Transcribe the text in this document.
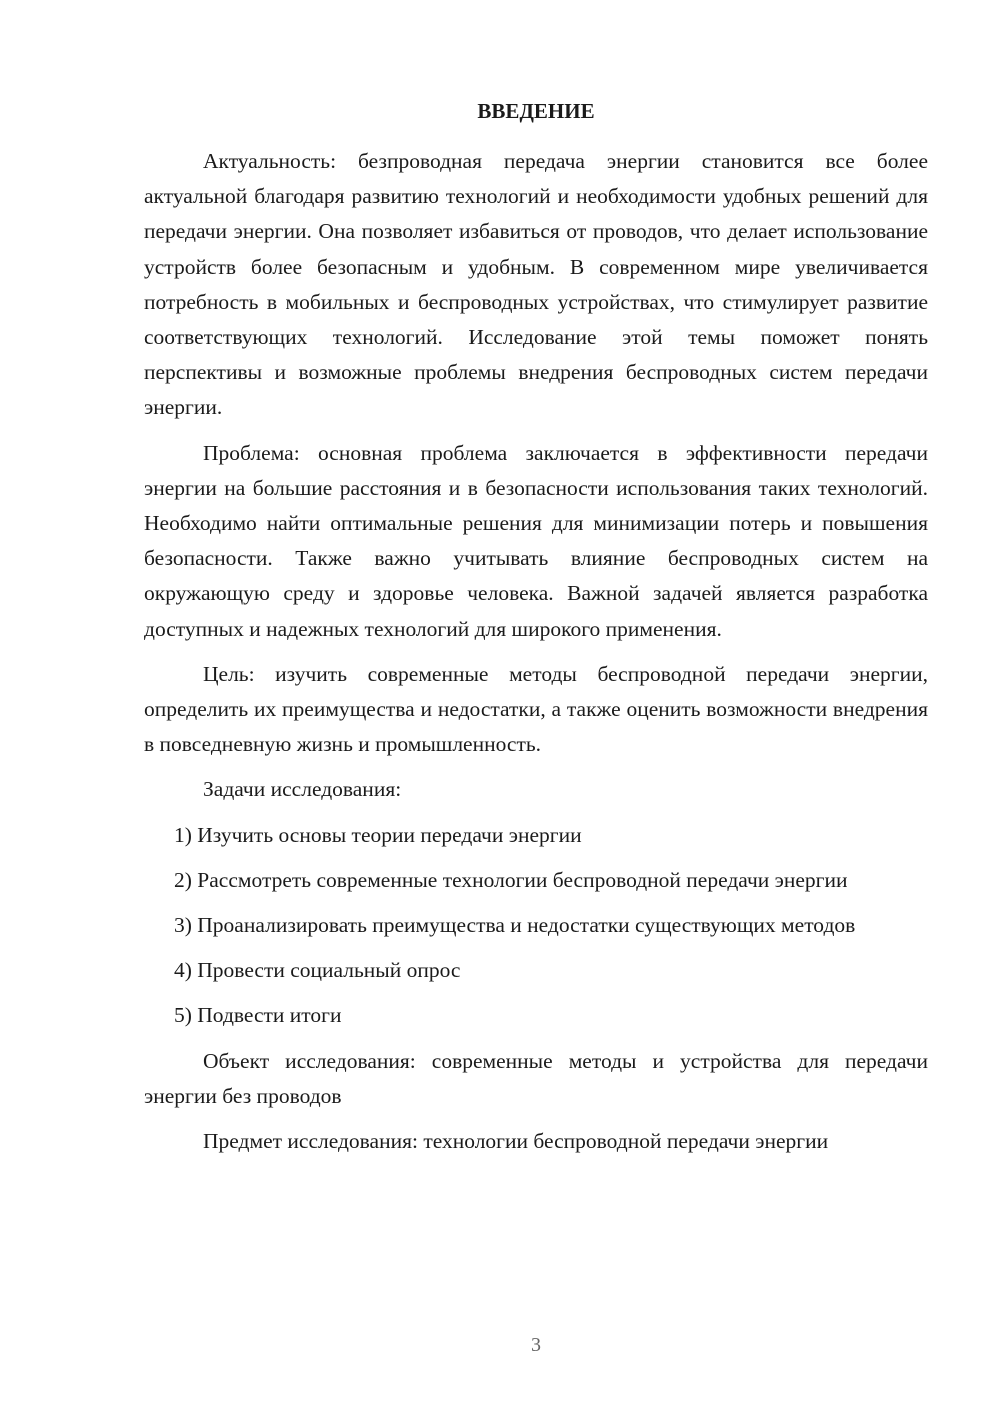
ВВЕДЕНИЕ

Актуальность: безпроводная передача энергии становится все более актуальной благодаря развитию технологий и необходимости удобных решений для передачи энергии. Она позволяет избавиться от проводов, что делает использование устройств более безопасным и удобным. В современном мире увеличивается потребность в мобильных и беспроводных устройствах, что стимулирует развитие соответствующих технологий. Исследование этой темы поможет понять перспективы и возможные проблемы внедрения беспроводных систем передачи энергии.

Проблема: основная проблема заключается в эффективности передачи энергии на большие расстояния и в безопасности использования таких технологий. Необходимо найти оптимальные решения для минимизации потерь и повышения безопасности. Также важно учитывать влияние беспроводных систем на окружающую среду и здоровье человека. Важной задачей является разработка доступных и надежных технологий для широкого применения.

Цель: изучить современные методы беспроводной передачи энергии, определить их преимущества и недостатки, а также оценить возможности внедрения в повседневную жизнь и промышленность.

Задачи исследования:

1) Изучить основы теории передачи энергии

2) Рассмотреть современные технологии беспроводной передачи энергии

3) Проанализировать преимущества и недостатки существующих методов

4) Провести социальный опрос

5) Подвести итоги

Объект исследования: современные методы и устройства для передачи энергии без проводов

Предмет исследования: технологии беспроводной передачи энергии

3
